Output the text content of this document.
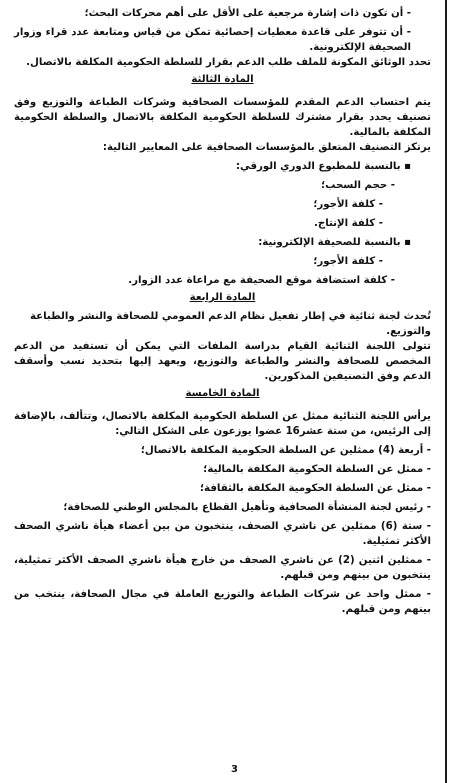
- أن تكون ذات إشارة مرجعية على الأقل على أهم محركات البحث؛

- أن تتوفر على قاعدة معطيات إحصائية تمكن من قياس ومتابعة عدد قراء وزوار الصحيفة الإلكترونية.

تحدد الوثائق المكونة للملف طلب الدعم بقرار للسلطة الحكومية المكلفة بالاتصال.

المادة الثالثة

يتم احتساب الدعم المقدم للمؤسسات الصحافية وشركات الطباعة والتوزيع وفق تصنيف يحدد بقرار مشترك للسلطة الحكومية المكلفة بالاتصال والسلطة الحكومية المكلفة بالمالية.

يرتكز التصنيف المتعلق بالمؤسسات الصحافية على المعايير التالية:

▪ بالنسبة للمطبوع الدوري الورقي:

- حجم السحب؛

- كلفة الأجور؛

- كلفة الإنتاج.

▪ بالنسبة للصحيفة الإلكترونية:

- كلفة الأجور؛

- كلفة استضافة موقع الصحيفة مع مراعاة عدد الزوار.

المادة الرابعة

تُحدث لجنة ثنائية في إطار تفعيل نظام الدعم العمومي للصحافة والنشر والطباعة والتوزيع.

تتولى اللجنة الثنائية القيام بدراسة الملفات التي يمكن أن تستفيد من الدعم المخصص للصحافة والنشر والطباعة والتوزيع، ويعهد إليها بتحديد نسب وأسقف الدعم وفق التصنيفين المذكورين.

المادة الخامسة

يرأس اللجنة الثنائية ممثل عن السلطة الحكومية المكلفة بالاتصال، وتتألف، بالإضافة إلى الرئيس، من ستة عشر16 عضوا يوزعون على الشكل التالي:

- أربعة (4) ممثلين عن السلطة الحكومية المكلفة بالاتصال؛

- ممثل عن السلطة الحكومية المكلفة بالمالية؛

- ممثل عن السلطة الحكومية المكلفة بالثقافة؛

- رئيس لجنة المنشأة الصحافية وتأهيل القطاع بالمجلس الوطني للصحافة؛

- ستة (6) ممثلين عن ناشري الصحف، ينتخبون من بين أعضاء هيأة ناشري الصحف الأكثر تمثيلية.

- ممثلين اثنين (2) عن ناشري الصحف من خارج هيأة ناشري الصحف الأكثر تمثيلية، ينتخبون من بينهم ومن قبلهم.

- ممثل واحد عن شركات الطباعة والتوزيع العاملة في مجال الصحافة، ينتخب من بينهم ومن قبلهم.

3
